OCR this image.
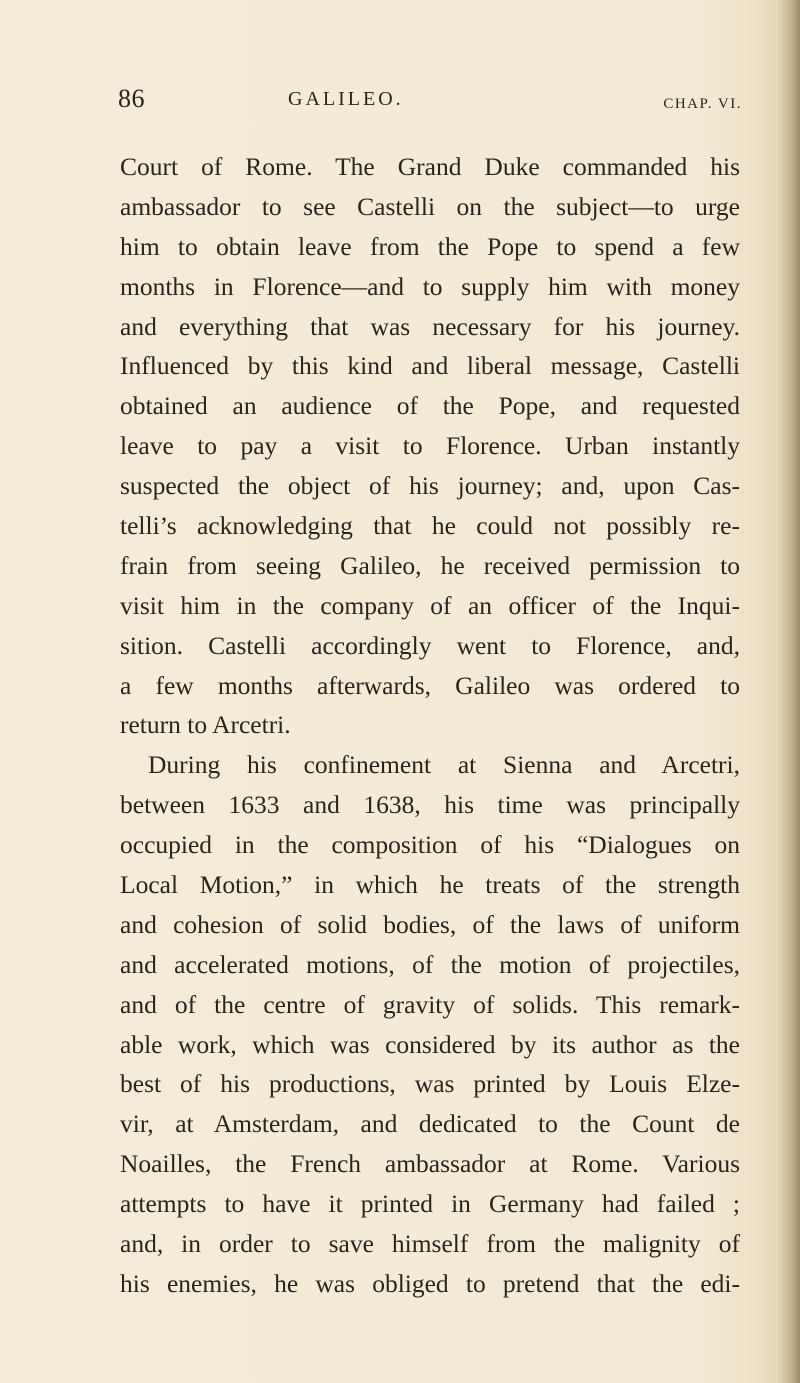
86	GALILEO.	CHAP. VI.
Court of Rome. The Grand Duke commanded his
ambassador to see Castelli on the subject—to urge
him to obtain leave from the Pope to spend a few
months in Florence—and to supply him with money
and everything that was necessary for his journey.
Influenced by this kind and liberal message, Castelli
obtained an audience of the Pope, and requested
leave to pay a visit to Florence. Urban instantly
suspected the object of his journey; and, upon Cas-
telli’s acknowledging that he could not possibly re-
frain from seeing Galileo, he received permission to
visit him in the company of an officer of the Inqui-
sition. Castelli accordingly went to Florence, and,
a few months afterwards, Galileo was ordered to
return to Arcetri.
During his confinement at Sienna and Arcetri,
between 1633 and 1638, his time was principally
occupied in the composition of his “Dialogues on
Local Motion,” in which he treats of the strength
and cohesion of solid bodies, of the laws of uniform
and accelerated motions, of the motion of projectiles,
and of the centre of gravity of solids. This remark-
able work, which was considered by its author as the
best of his productions, was printed by Louis Elze-
vir, at Amsterdam, and dedicated to the Count de
Noailles, the French ambassador at Rome. Various
attempts to have it printed in Germany had failed ;
and, in order to save himself from the malignity of
his enemies, he was obliged to pretend that the edi-
